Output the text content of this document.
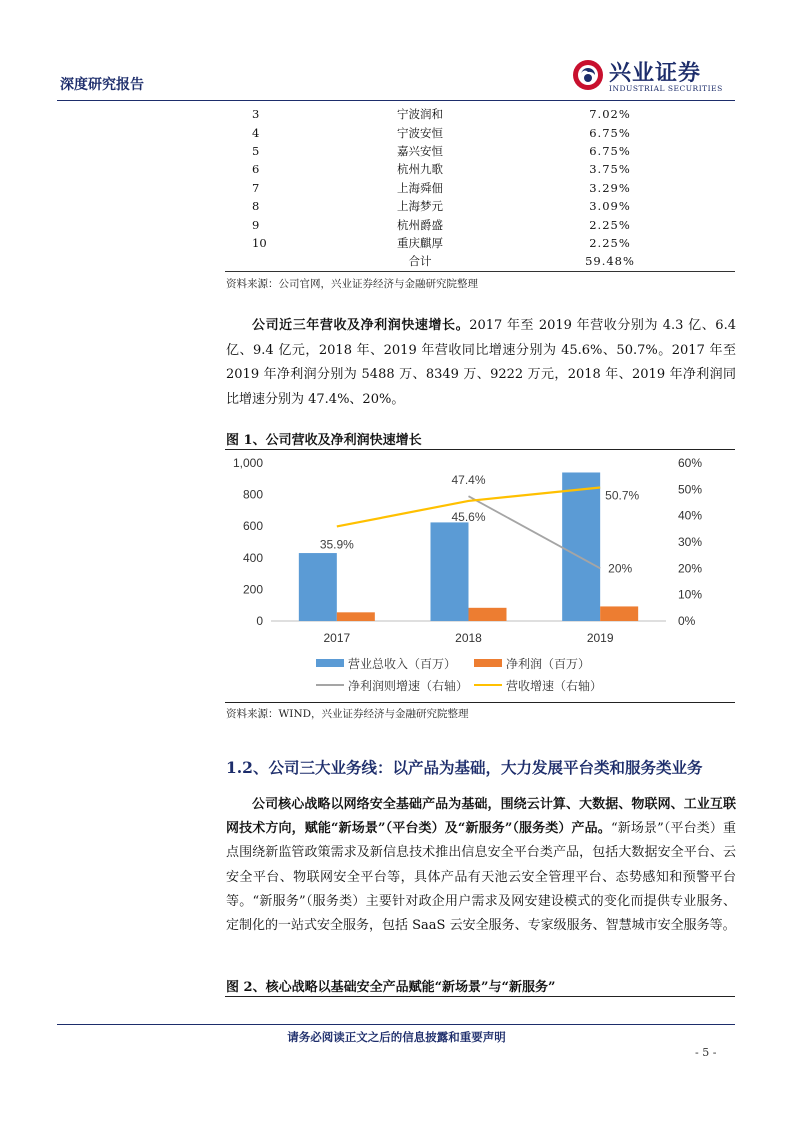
深度研究报告	兴业证券
INDUSTRIAL SECURITIES
3	宁波润和	7.02%
4	宁波安恒	6.75%
5	嘉兴安恒	6.75%
6	杭州九歌	3.75%
7	上海舜佃	3.29%
8	上海梦元	3.09%
9	杭州爵盛	2.25%
10	重庆麒厚	2.25%
	合计	59.48%
资料来源：公司官网，兴业证券经济与金融研究院整理
公司近三年营收及净利润快速增长。2017 年至 2019 年营收分别为 4.3 亿、6.4 亿、9.4 亿元，2018 年、2019 年营收同比增速分别为 45.6%、50.7%。2017 年至 2019 年净利润分别为 5488 万、8349 万、9222 万元，2018 年、2019 年净利润同比增速分别为 47.4%、20%。
图 1、公司营收及净利润快速增长
0
200
400
600
800
1,000
0%
10%
20%
30%
40%
50%
60%
2017	2018	2019
35.9%
45.6%
50.7%
47.4%
20%
营业总收入（百万）	净利润（百万）
净利润则增速（右轴）	营收增速（右轴）
资料来源：WIND，兴业证券经济与金融研究院整理
1.2、公司三大业务线：以产品为基础，大力发展平台类和服务类业务
公司核心战略以网络安全基础产品为基础，围绕云计算、大数据、物联网、工业互联网技术方向，赋能“新场景”（平台类）及“新服务”（服务类）产品。“新场景”（平台类）重点围绕新监管政策需求及新信息技术推出信息安全平台类产品，包括大数据安全平台、云安全平台、物联网安全平台等，具体产品有天池云安全管理平台、态势感知和预警平台等。“新服务”（服务类）主要针对政企用户需求及网安建设模式的变化而提供专业服务、定制化的一站式安全服务，包括 SaaS 云安全服务、专家级服务、智慧城市安全服务等。
图 2、核心战略以基础安全产品赋能“新场景”与“新服务”
请务必阅读正文之后的信息披露和重要声明
- 5 -
